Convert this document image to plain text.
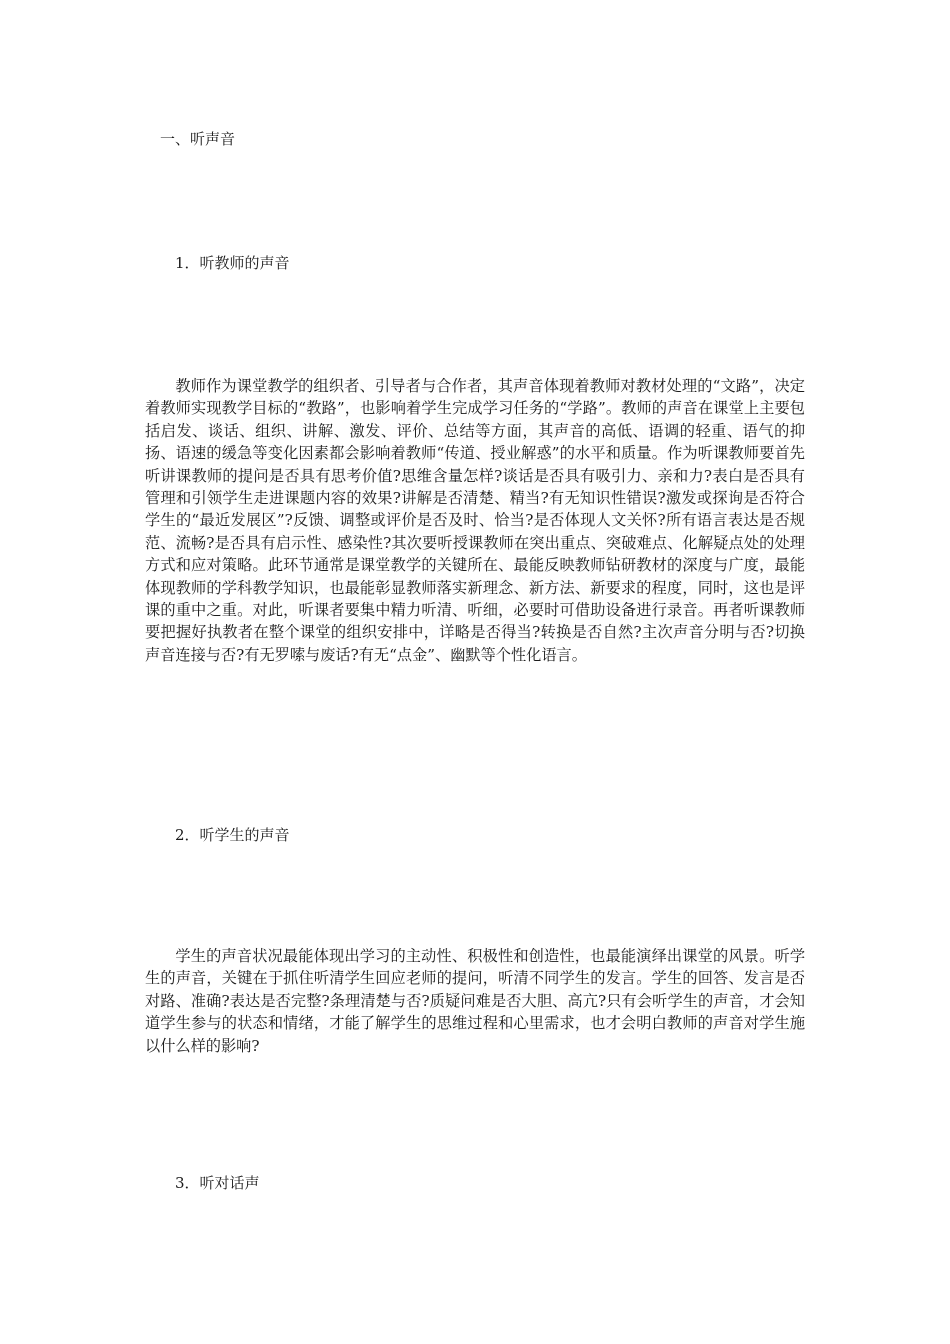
一、听声音
1．听教师的声音

教师作为课堂教学的组织者、引导者与合作者，其声音体现着教师对教材处理的“文路”，决定着教师实现教学目标的“教路”，也影响着学生完成学习任务的“学路”。教师的声音在课堂上主要包括启发、谈话、组织、讲解、激发、评价、总结等方面，其声音的高低、语调的轻重、语气的抑扬、语速的缓急等变化因素都会影响着教师“传道、授业解惑”的水平和质量。作为听课教师要首先听讲课教师的提问是否具有思考价值?思维含量怎样?谈话是否具有吸引力、亲和力?表白是否具有管理和引领学生走进课题内容的效果?讲解是否清楚、精当?有无知识性错误?激发或探询是否符合学生的“最近发展区”?反馈、调整或评价是否及时、恰当?是否体现人文关怀?所有语言表达是否规范、流畅?是否具有启示性、感染性?其次要听授课教师在突出重点、突破难点、化解疑点处的处理方式和应对策略。此环节通常是课堂教学的关键所在、最能反映教师钻研教材的深度与广度，最能体现教师的学科教学知识，也最能彰显教师落实新理念、新方法、新要求的程度，同时，这也是评课的重中之重。对此，听课者要集中精力听清、听细，必要时可借助设备进行录音。再者听课教师要把握好执教者在整个课堂的组织安排中，详略是否得当?转换是否自然?主次声音分明与否?切换声音连接与否?有无罗嗦与废话?有无“点金”、幽默等个性化语言。

2．听学生的声音

学生的声音状况最能体现出学习的主动性、积极性和创造性，也最能演绎出课堂的风景。听学生的声音，关键在于抓住听清学生回应老师的提问，听清不同学生的发言。学生的回答、发言是否对路、准确?表达是否完整?条理清楚与否?质疑问难是否大胆、高亢?只有会听学生的声音，才会知道学生参与的状态和情绪，才能了解学生的思维过程和心里需求，也才会明白教师的声音对学生施以什么样的影响?

3．听对话声
